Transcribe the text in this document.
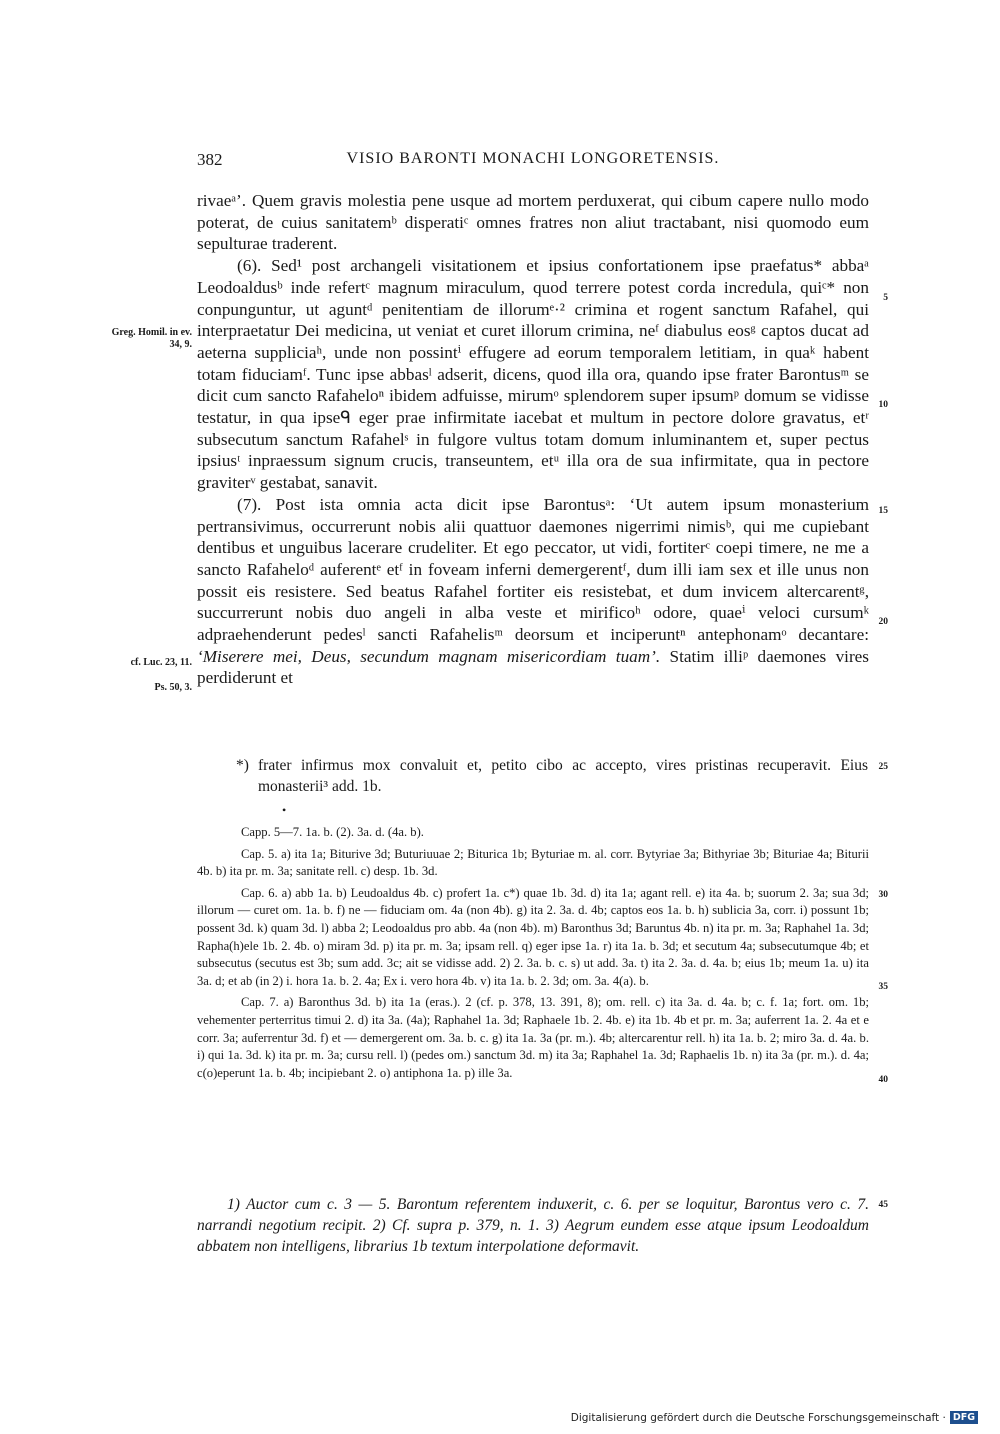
382	VISIO BARONTI MONACHI LONGORETENSIS.

rivaeᵃ’. Quem gravis molestia pene usque ad mortem perduxerat, qui cibum capere nullo modo poterat, de cuius sanitatemᵇ disperatiᶜ omnes fratres non aliut tractabant, nisi quomodo eum sepulturae traderent.

(6). Sed¹ post archangeli visitationem et ipsius confortationem ipse praefatus* abbaᵃ Leodoaldusᵇ inde refertᶜ magnum miraculum, quod terrere potest corda incredula, quiᶜ* non conpunguntur, ut aguntᵈ penitentiam de illorumᵉ·² crimina et rogent sanctum Rafahel, qui interpraetatur Dei medicina, ut veniat et curet illorum crimina, neᶠ diabulus eosᵍ captos ducat ad aeterna suppliciaʰ, unde non possintⁱ effugere ad eorum temporalem letitiam, in quaᵏ habent totam fiduciamᶠ. Tunc ipse abbasˡ adserit, dicens, quod illa ora, quando ipse frater Barontusᵐ se dicit cum sancto Rafaheloⁿ ibidem adfuisse, mirumᵒ splendorem super ipsumᵖ domum se vidisse testatur, in qua ipseᑫ eger prae infirmitate iacebat et multum in pectore dolore gravatus, etʳ subsecutum sanctum Rafahelˢ in fulgore vultus totam domum inluminantem et, super pectus ipsiusᵗ inpraessum signum crucis, transeuntem, etᵘ illa ora de sua infirmitate, qua in pectore graviterᵛ gestabat, sanavit.

(7). Post ista omnia acta dicit ipse Barontusᵃ: ‘Ut autem ipsum monasterium pertransivimus, occurrerunt nobis alii quattuor daemones nigerrimi nimisᵇ, qui me cupiebant dentibus et unguibus lacerare crudeliter. Et ego peccator, ut vidi, fortiterᶜ coepi timere, ne me a sancto Rafaheloᵈ auferentᵉ etᶠ in foveam inferni demergerentᶠ, dum illi iam sex et ille unus non possit eis resistere. Sed beatus Rafahel fortiter eis resistebat, et dum invicem altercarentᵍ, succurrerunt nobis duo angeli in alba veste et mirificoʰ odore, quaeⁱ veloci cursumᵏ adpraehenderunt pedesˡ sancti Rafahelisᵐ deorsum et inciperuntⁿ antephonamᵒ decantare: ‘Miserere mei, Deus, secundum magnam misericordiam tuam’. Statim illiᵖ daemones vires perdiderunt et

Greg. Homil. in ev. 34, 9.
cf. Luc. 23, 11.
Ps. 50, 3.
5
10
15
20
25
30
35
40
45
*) frater infirmus mox convaluit et, petito cibo ac accepto, vires pristinas recuperavit. Eius monasterii³ add. 1b.
•

Capp. 5—7. 1a. b. (2). 3a. d. (4a. b).

Cap. 5. a) ita 1a; Biturive 3d; Buturiuuae 2; Biturica 1b; Byturiae m. al. corr. Bytyriae 3a; Bithyriae 3b; Bituriae 4a; Biturii 4b. b) ita pr. m. 3a; sanitate rell. c) desp. 1b. 3d.

Cap. 6. a) abb 1a. b) Leudoaldus 4b. c) profert 1a. c*) quae 1b. 3d. d) ita 1a; agant rell. e) ita 4a. b; suorum 2. 3a; sua 3d; illorum — curet om. 1a. b. f) ne — fiduciam om. 4a (non 4b). g) ita 2. 3a. d. 4b; captos eos 1a. b. h) sublicia 3a, corr. i) possunt 1b; possent 3d. k) quam 3d. l) abba 2; Leodoaldus pro abb. 4a (non 4b). m) Baronthus 3d; Baruntus 4b. n) ita pr. m. 3a; Raphahel 1a. 3d; Rapha(h)ele 1b. 2. 4b. o) miram 3d. p) ita pr. m. 3a; ipsam rell. q) eger ipse 1a. r) ita 1a. b. 3d; et secutum 4a; subsecutumque 4b; et subsecutus (secutus est 3b; sum add. 3c; ait se vidisse add. 2) 2. 3a. b. c. s) ut add. 3a. t) ita 2. 3a. d. 4a. b; eius 1b; meum 1a. u) ita 3a. d; et ab (in 2) i. hora 1a. b. 2. 4a; Ex i. vero hora 4b. v) ita 1a. b. 2. 3d; om. 3a. 4(a). b.

Cap. 7. a) Baronthus 3d. b) ita 1a (eras.). 2 (cf. p. 378, 13. 391, 8); om. rell. c) ita 3a. d. 4a. b; c. f. 1a; fort. om. 1b; vehementer perterritus timui 2. d) ita 3a. (4a); Raphahel 1a. 3d; Raphaele 1b. 2. 4b. e) ita 1b. 4b et pr. m. 3a; auferrent 1a. 2. 4a et e corr. 3a; auferrentur 3d. f) et — demergerent om. 3a. b. c. g) ita 1a. 3a (pr. m.). 4b; altercarentur rell. h) ita 1a. b. 2; miro 3a. d. 4a. b. i) qui 1a. 3d. k) ita pr. m. 3a; cursu rell. l) (pedes om.) sanctum 3d. m) ita 3a; Raphahel 1a. 3d; Raphaelis 1b. n) ita 3a (pr. m.). d. 4a; c(o)eperunt 1a. b. 4b; incipiebant 2. o) antiphona 1a. p) ille 3a.

1) Auctor cum c. 3 — 5. Barontum referentem induxerit, c. 6. per se loquitur, Barontus vero c. 7. narrandi negotium recipit. 2) Cf. supra p. 379, n. 1. 3) Aegrum eundem esse atque ipsum Leodoaldum abbatem non intelligens, librarius 1b textum interpolatione deformavit.

Digitalisierung gefördert durch die Deutsche Forschungsgemeinschaft · DFG
